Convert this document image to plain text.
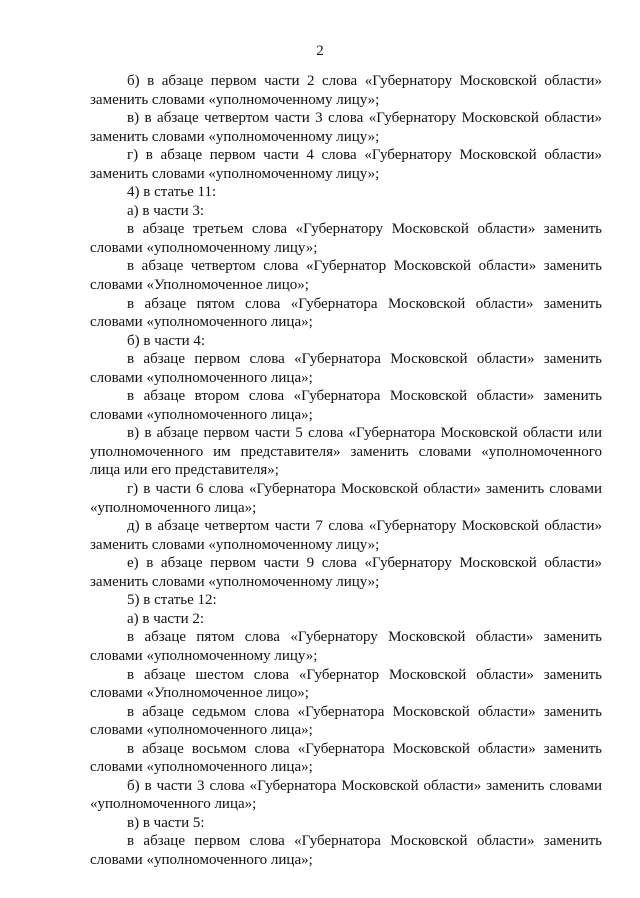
2

б) в абзаце первом части 2 слова «Губернатору Московской области» заменить словами «уполномоченному лицу»;

в) в абзаце четвертом части 3 слова «Губернатору Московской области» заменить словами «уполномоченному лицу»;

г) в абзаце первом части 4 слова «Губернатору Московской области» заменить словами «уполномоченному лицу»;

4) в статье 11:

а) в части 3:

в абзаце третьем слова «Губернатору Московской области» заменить словами «уполномоченному лицу»;

в абзаце четвертом слова «Губернатор Московской области» заменить словами «Уполномоченное лицо»;

в абзаце пятом слова «Губернатора Московской области» заменить словами «уполномоченного лица»;

б) в части 4:

в абзаце первом слова «Губернатора Московской области» заменить словами «уполномоченного лица»;

в абзаце втором слова «Губернатора Московской области» заменить словами «уполномоченного лица»;

в) в абзаце первом части 5 слова «Губернатора Московской области или уполномоченного им представителя» заменить словами «уполномоченного лица или его представителя»;

г) в части 6 слова «Губернатора Московской области» заменить словами «уполномоченного лица»;

д) в абзаце четвертом части 7 слова «Губернатору Московской области» заменить словами «уполномоченному лицу»;

е) в абзаце первом части 9 слова «Губернатору Московской области» заменить словами «уполномоченному лицу»;

5) в статье 12:

а) в части 2:

в абзаце пятом слова «Губернатору Московской области» заменить словами «уполномоченному лицу»;

в абзаце шестом слова «Губернатор Московской области» заменить словами «Уполномоченное лицо»;

в абзаце седьмом слова «Губернатора Московской области» заменить словами «уполномоченного лица»;

в абзаце восьмом слова «Губернатора Московской области» заменить словами «уполномоченного лица»;

б) в части 3 слова «Губернатора Московской области» заменить словами «уполномоченного лица»;

в) в части 5:

в абзаце первом слова «Губернатора Московской области» заменить словами «уполномоченного лица»;
